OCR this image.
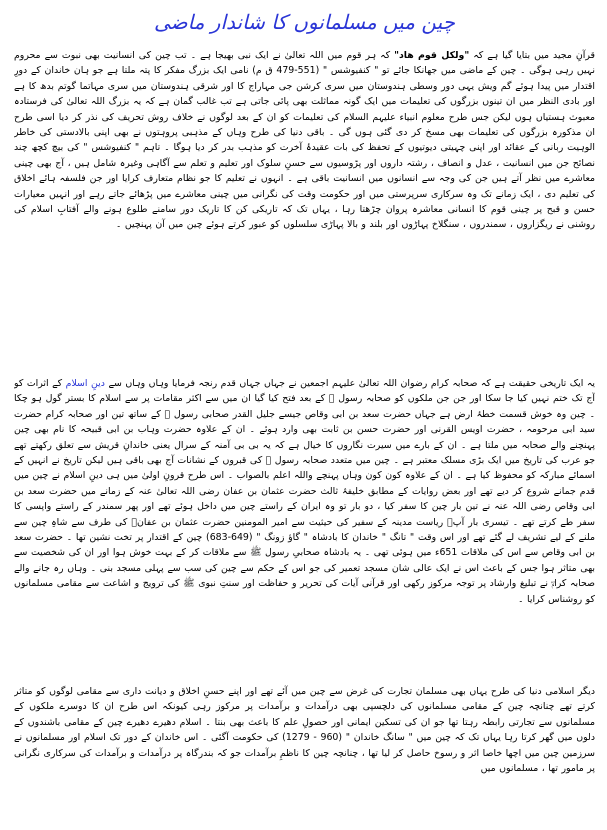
چین میں مسلمانوں کا شاندار ماضی

قرآنِ مجید میں بتایا گیا ہے کہ "ولکل قوم ھاد" کہ ہر قوم میں اللہ تعالیٰ نے ایک نبی بھیجا ہے ۔ تب چین کی انسانیت بھی نبوت سے محروم نہیں رہی ہوگی ۔ چین کے ماضی میں جھانکا جائے تو " کنفیوشس " (551-479 ق م) نامی ایک بزرگ مفکر کا پتہ ملتا ہے جو ہان خاندان کے دورِ اقتدار میں پیدا ہوئے گم ویش یہی دور وسطی ہندوستان میں سری کرشن جی مہاراج کا اور شرقی ہندوستان میں سری مہاتما گوتم بدھ کا ہے اور بادی النظر میں ان تینوں بزرگوں کی تعلیمات میں ایک گونہ مماثلت بھی پائی جاتی ہے تب غالب گمان ہے کہ یہ بزرگ اللہ تعالیٰ کی فرستادہ معبوث ہستیاں ہوں لیکن جس طرح معلوم انبیاء علیہم السلام کی تعلیمات کو ان کے بعد لوگوں نے خلاف روش تحریف کی نذر کر دیا اسی طرح ان مذکورہ بزرگوں کی تعلیمات بھی مسخ کر دی گئی ہوں گی ۔ باقی دنیا کی طرح وہاں کے مذہبی پروہتوں نے بھی اپنی بالادستی کی خاطر الوہیت ربانی کے عقائد اور اپنی چہیتی دیوتیوں کے تحفظ کی بات عقیدۂ آخرت کو مذہب بدر کر دیا ہوگا ۔ تاہم " کنفیوشس " کی بیچ کچھ چند نصائح جن میں انسانیت ، عدل و انصاف ، رشتہ داروں اور پڑوسیوں سے حسنِ سلوک اور تعلیم و تعلم سے آگاہی وغیرہ شامل ہیں ، آج بھی چینی معاشرے میں نظر آتے ہیں جن کی وجہ سے انسانوں میں انسانیت باقی ہے ۔ انہوں نے تعلیم کا جو نظام متعارف کرایا اور جن فلسفہ ہائے اخلاق کی تعلیم دی ، ایک زمانے تک وہ سرکاری سرپرستی میں اور حکومت وقت کی نگرانی میں چینی معاشرے میں پڑھائے جاتے رہے اور انہیں معیارات حسن و قبح پر چینی قوم کا انسانی معاشرہ پروان چڑھتا رہا ، یہاں تک کہ تاریکی کن کا تاریک دور سامنے طلوع ہونے والے آفتابِ اسلام کی روشنی نے ریگزاروں ، سمندروں ، سنگلاخ پہاڑوں اور بلند و بالا پہاڑی سلسلوں کو عبور کرتے ہوئے چین میں آن پہنچیں ۔

یہ ایک تاریخی حقیقت ہے کہ صحابہ کرام رضوان اللہ تعالیٰ علیہم اجمعین نے جہاں جہاں قدم رنجہ فرمایا وہاں وہاں سے دینِ اسلام کے اثرات کو آج تک ختم نہیں کیا جا سکا اور جن جن ملکوں کو صحابہ رسول ﷺ کے بعد فتح کیا گیا ان میں سے اکثر مقامات پر سے اسلام کا بستر گول ہو چکا ۔ چین وہ خوش قسمت خطۂ ارض ہے جہاں حضرت سعد بن ابی وقاص جیسے جلیل القدر صحابی رسول ﷺ کے ساتھ تین اور صحابہ کرام حضرت سید ابی مرحومہ ، حضرت اویس القرنی اور حضرت حسن بن ثابت بھی وارد ہوئے ۔ ان کے علاوہ حضرت وہاب بن ابی قبیحہ کا نام بھی چین پہنچنے والے صحابہ میں ملتا ہے ۔ ان کے بارے میں سیرت نگاروں کا خیال ہے کہ یہ بی بی آمنہ کے سرال یعنی خاندانِ قریش سے تعلق رکھتے تھے جو عرب کی تاریخ میں ایک بڑی مسلک معتبر ہے ۔ چین میں متعدد صحابہ رسول ﷺ کی قبروں کے نشانات آج بھی باقی ہیں لیکن تاریخ نے انہیں کے اسمائے مبارکہ کو محفوظ کیا ہے ۔ ان کے علاوہ کون کون وہاں پہنچے واللہ اعلم بالصواب ۔ اس طرح قرونِ اولیٰ میں ہی دینِ اسلام نے چین میں قدم جمانے شروع کر دیے تھے اور بعض روایات کے مطابق خلیفۂ ثالث حضرت عثمان بن عفان رضی اللہ تعالیٰ عنہ کے زمانے میں حضرت سعد بن ابی وقاص رضی اللہ عنہ نے تین بار چین کا سفر کیا ، دو بار تو وہ ایران کے راستے چین میں داخل ہوئے تھے اور پھر سمندر کے راستے واپسی کا سفر طے کرتے تھے ۔ تیسری بار آپؓ ریاست مدینہ کے سفیر کی حیثیت سے امیر المومنین حضرت عثمان بن عفانؓ کی طرف سے شاہِ چین سے ملنے کے لیے تشریف لے گئے تھے اور اس وقت " تانگ " خاندان کا بادشاہ " گاؤ زونگ " (649-683) چین کے اقتدار پر تخت نشین تھا ۔ حضرت سعد بن ابی وقاص سے اس کی ملاقات 651ء میں ہوئی تھی ۔ یہ بادشاہ صحابیِ رسول ﷺ سے ملاقات کر کے بہت خوش ہوا اور ان کی شخصیت سے بھی متاثر ہوا جس کے باعث اس نے ایک عالی شان مسجد تعمیر کی جو اس کے حکم سے چین کی سب سے پہلی مسجد بنی ۔ وہاں رہ جانے والے صحابہ کرامؓ نے تبلیغ وارشاد پر توجہ مرکوز رکھی اور قرآنی آیات کی تحریر و حفاظت اور سنتِ نبوی ﷺ کی ترویج و اشاعت سے مقامی مسلمانوں کو روشناس کرایا ۔

دیگر اسلامی دنیا کی طرح یہاں بھی مسلمان تجارت کی غرض سے چین میں آئے تھے اور اپنے حسنِ اخلاق و دیانت داری سے مقامی لوگوں کو متاثر کرتے تھے چنانچہ چین کے مقامی مسلمانوں کی دلچسپی بھی درآمدات و برآمدات پر مرکوز رہی کیونکہ اس طرح ان کا دوسرے ملکوں کے مسلمانوں سے تجارتی رابطہ رہتا تھا جو ان کی تسکین ایمانی اور حصولِ علم کا باعث بھی بنتا ۔ اسلام دھیرے دھیرے چین کے مقامی باشندوں کے دلوں میں گھر کرتا رہا یہاں تک کہ چین میں " سانگ خاندان " (960 - 1279) کی حکومت آگئی ۔ اس خاندان کے دور تک اسلام اور مسلمانوں نے سرزمین چین میں اچھا خاصا اثر و رسوخ حاصل کر لیا تھا ، چنانچہ چین کا ناظمِ برآمدات جو کہ بندرگاہ پر درآمدات و برآمدات کی سرکاری نگرانی پر مامور تھا ، مسلمانوں میں
